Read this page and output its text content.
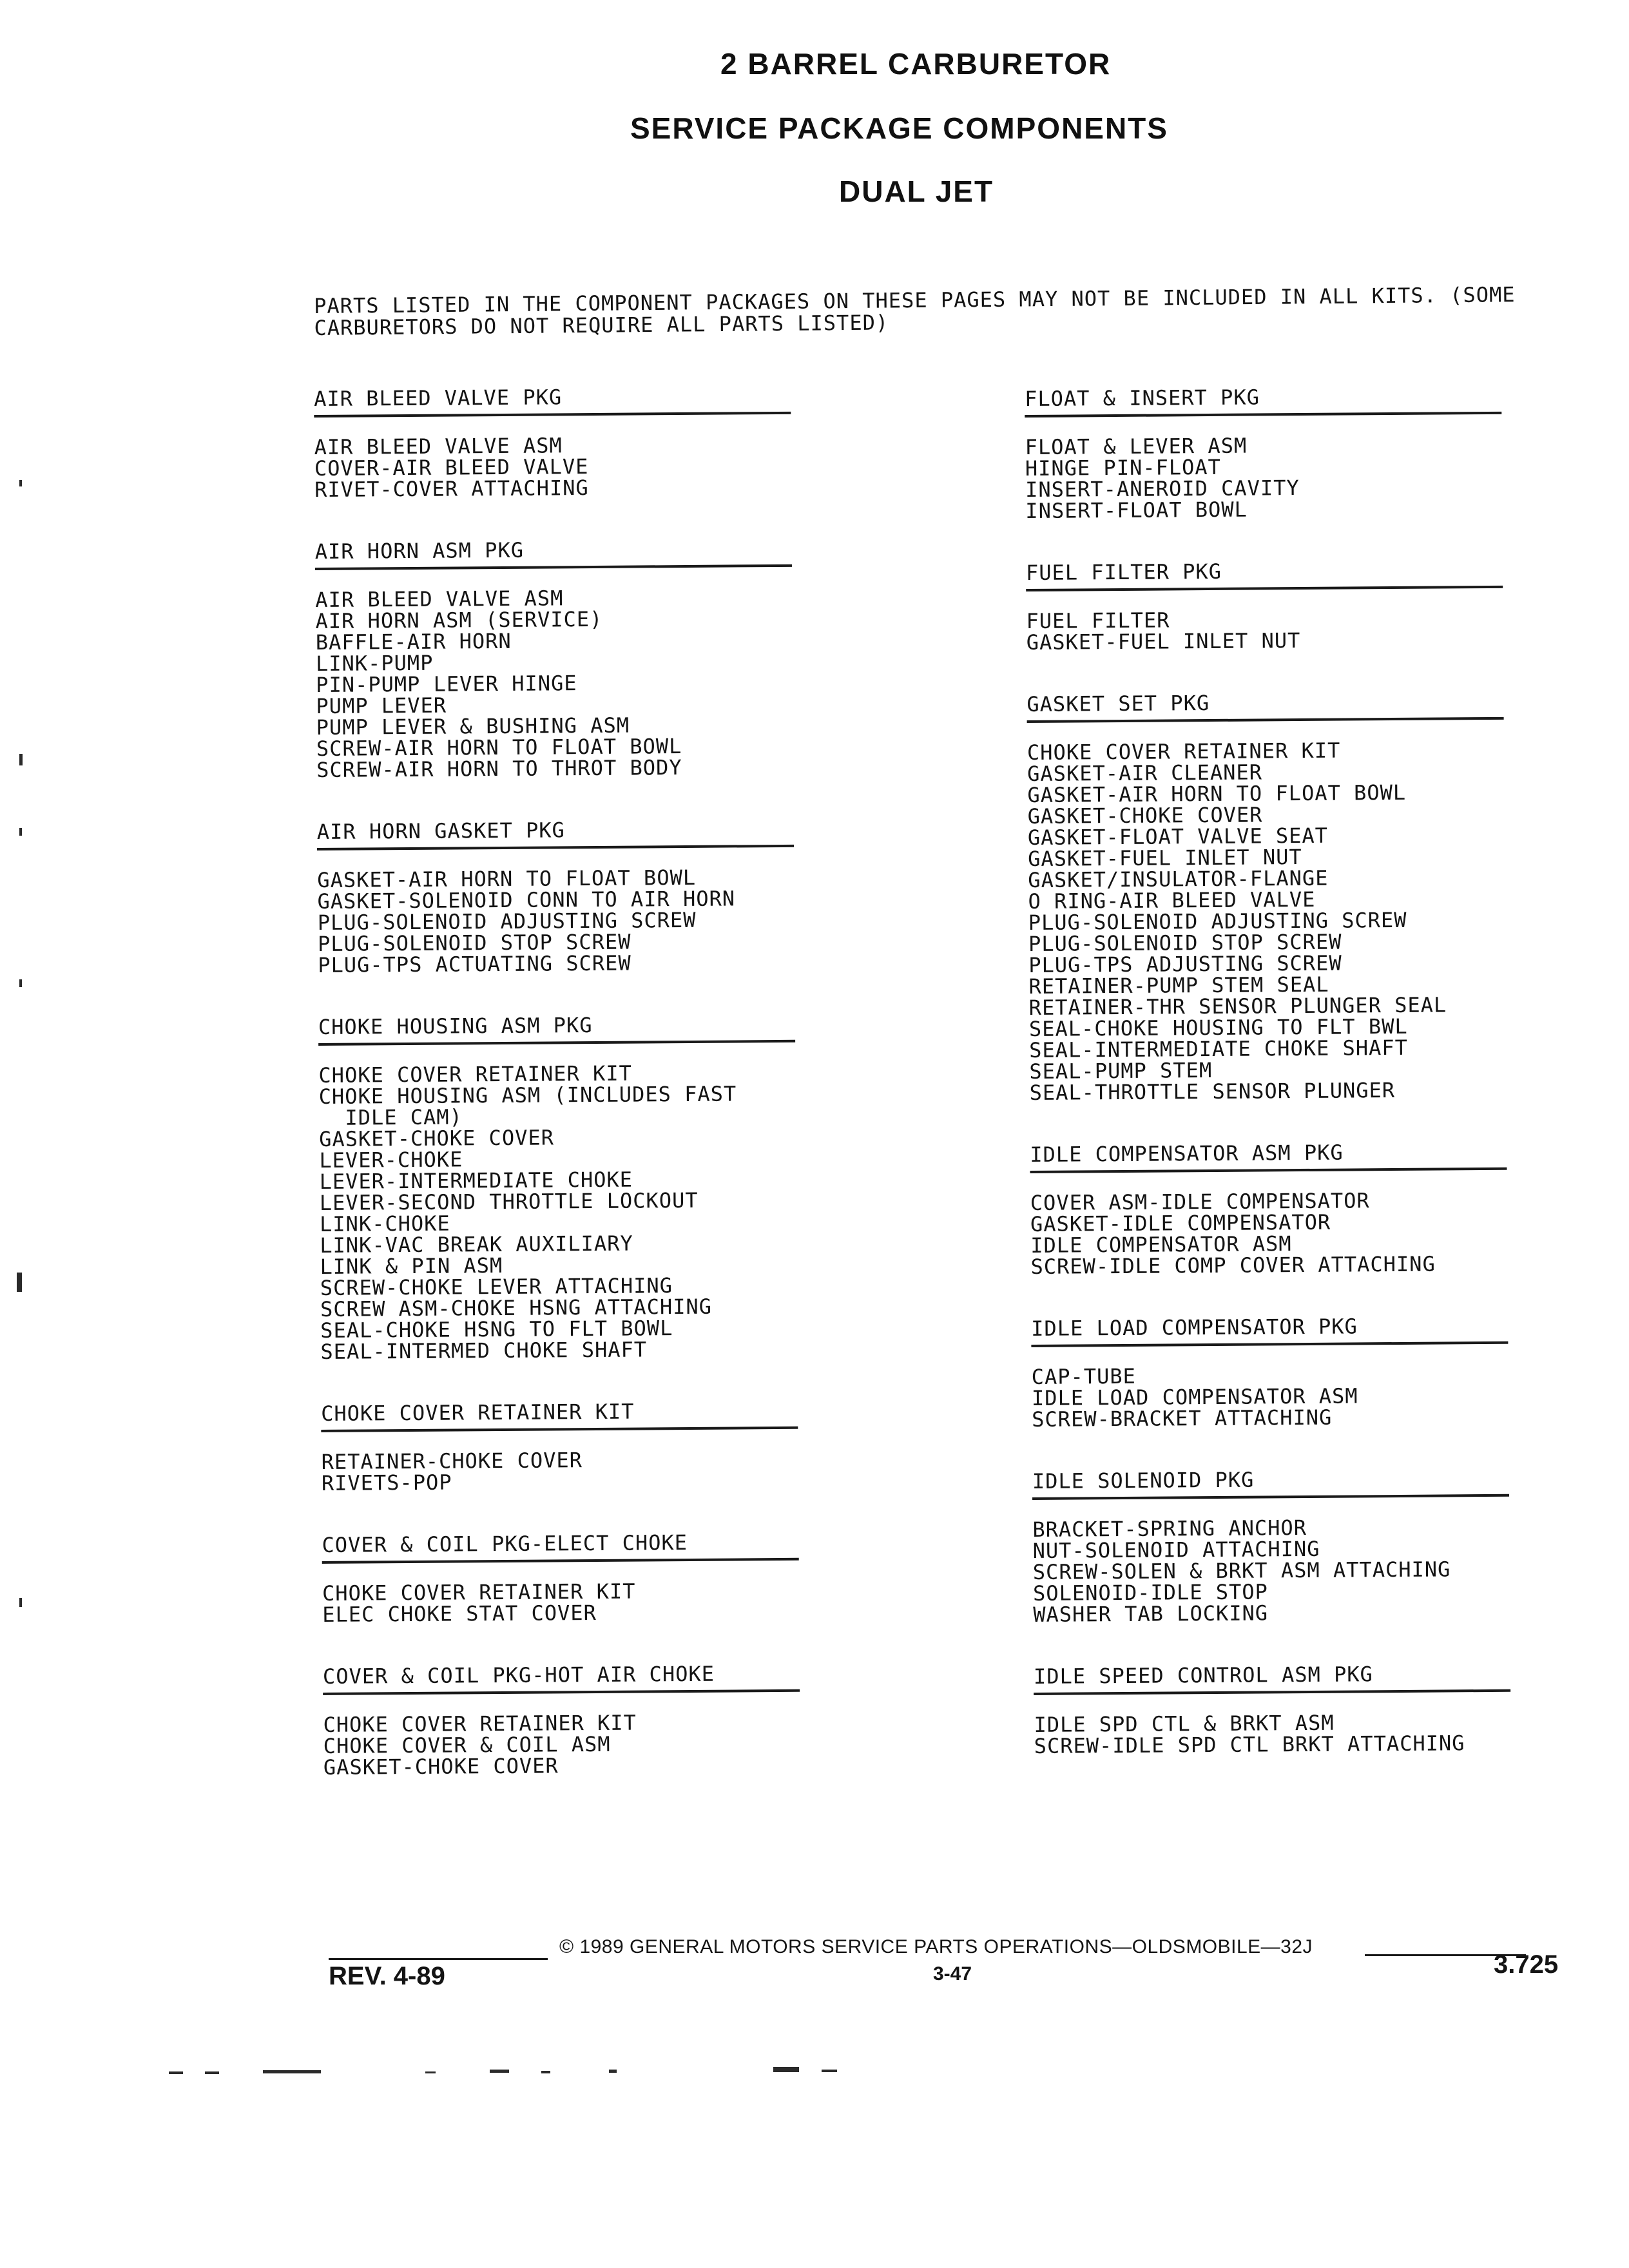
2 BARREL CARBURETOR
SERVICE PACKAGE COMPONENTS
DUAL JET
PARTS LISTED IN THE COMPONENT PACKAGES ON THESE PAGES MAY NOT BE INCLUDED IN ALL KITS. (SOME CARBURETORS DO NOT REQUIRE ALL PARTS LISTED)
AIR BLEED VALVE PKG
AIR BLEED VALVE ASM
COVER-AIR BLEED VALVE
RIVET-COVER ATTACHING
AIR HORN ASM PKG
AIR BLEED VALVE ASM
AIR HORN ASM (SERVICE)
BAFFLE-AIR HORN
LINK-PUMP
PIN-PUMP LEVER HINGE
PUMP LEVER
PUMP LEVER & BUSHING ASM
SCREW-AIR HORN TO FLOAT BOWL
SCREW-AIR HORN TO THROT BODY
AIR HORN GASKET PKG
GASKET-AIR HORN TO FLOAT BOWL
GASKET-SOLENOID CONN TO AIR HORN
PLUG-SOLENOID ADJUSTING SCREW
PLUG-SOLENOID STOP SCREW
PLUG-TPS ACTUATING SCREW
CHOKE HOUSING ASM PKG
CHOKE COVER RETAINER KIT
CHOKE HOUSING ASM (INCLUDES FAST
IDLE CAM)
GASKET-CHOKE COVER
LEVER-CHOKE
LEVER-INTERMEDIATE CHOKE
LEVER-SECOND THROTTLE LOCKOUT
LINK-CHOKE
LINK-VAC BREAK AUXILIARY
LINK & PIN ASM
SCREW-CHOKE LEVER ATTACHING
SCREW ASM-CHOKE HSNG ATTACHING
SEAL-CHOKE HSNG TO FLT BOWL
SEAL-INTERMED CHOKE SHAFT
CHOKE COVER RETAINER KIT
RETAINER-CHOKE COVER
RIVETS-POP
COVER & COIL PKG-ELECT CHOKE
CHOKE COVER RETAINER KIT
ELEC CHOKE STAT COVER
COVER & COIL PKG-HOT AIR CHOKE
CHOKE COVER RETAINER KIT
CHOKE COVER & COIL ASM
GASKET-CHOKE COVER
FLOAT & INSERT PKG
FLOAT & LEVER ASM
HINGE PIN-FLOAT
INSERT-ANEROID CAVITY
INSERT-FLOAT BOWL
FUEL FILTER PKG
FUEL FILTER
GASKET-FUEL INLET NUT
GASKET SET PKG
CHOKE COVER RETAINER KIT
GASKET-AIR CLEANER
GASKET-AIR HORN TO FLOAT BOWL
GASKET-CHOKE COVER
GASKET-FLOAT VALVE SEAT
GASKET-FUEL INLET NUT
GASKET/INSULATOR-FLANGE
O RING-AIR BLEED VALVE
PLUG-SOLENOID ADJUSTING SCREW
PLUG-SOLENOID STOP SCREW
PLUG-TPS ADJUSTING SCREW
RETAINER-PUMP STEM SEAL
RETAINER-THR SENSOR PLUNGER SEAL
SEAL-CHOKE HOUSING TO FLT BWL
SEAL-INTERMEDIATE CHOKE SHAFT
SEAL-PUMP STEM
SEAL-THROTTLE SENSOR PLUNGER
IDLE COMPENSATOR ASM PKG
COVER ASM-IDLE COMPENSATOR
GASKET-IDLE COMPENSATOR
IDLE COMPENSATOR ASM
SCREW-IDLE COMP COVER ATTACHING
IDLE LOAD COMPENSATOR PKG
CAP-TUBE
IDLE LOAD COMPENSATOR ASM
SCREW-BRACKET ATTACHING
IDLE SOLENOID PKG
BRACKET-SPRING ANCHOR
NUT-SOLENOID ATTACHING
SCREW-SOLEN & BRKT ASM ATTACHING
SOLENOID-IDLE STOP
WASHER TAB LOCKING
IDLE SPEED CONTROL ASM PKG
IDLE SPD CTL & BRKT ASM
SCREW-IDLE SPD CTL BRKT ATTACHING
© 1989 GENERAL MOTORS SERVICE PARTS OPERATIONS—OLDSMOBILE—32J
REV. 4-89	3-47	3.725
